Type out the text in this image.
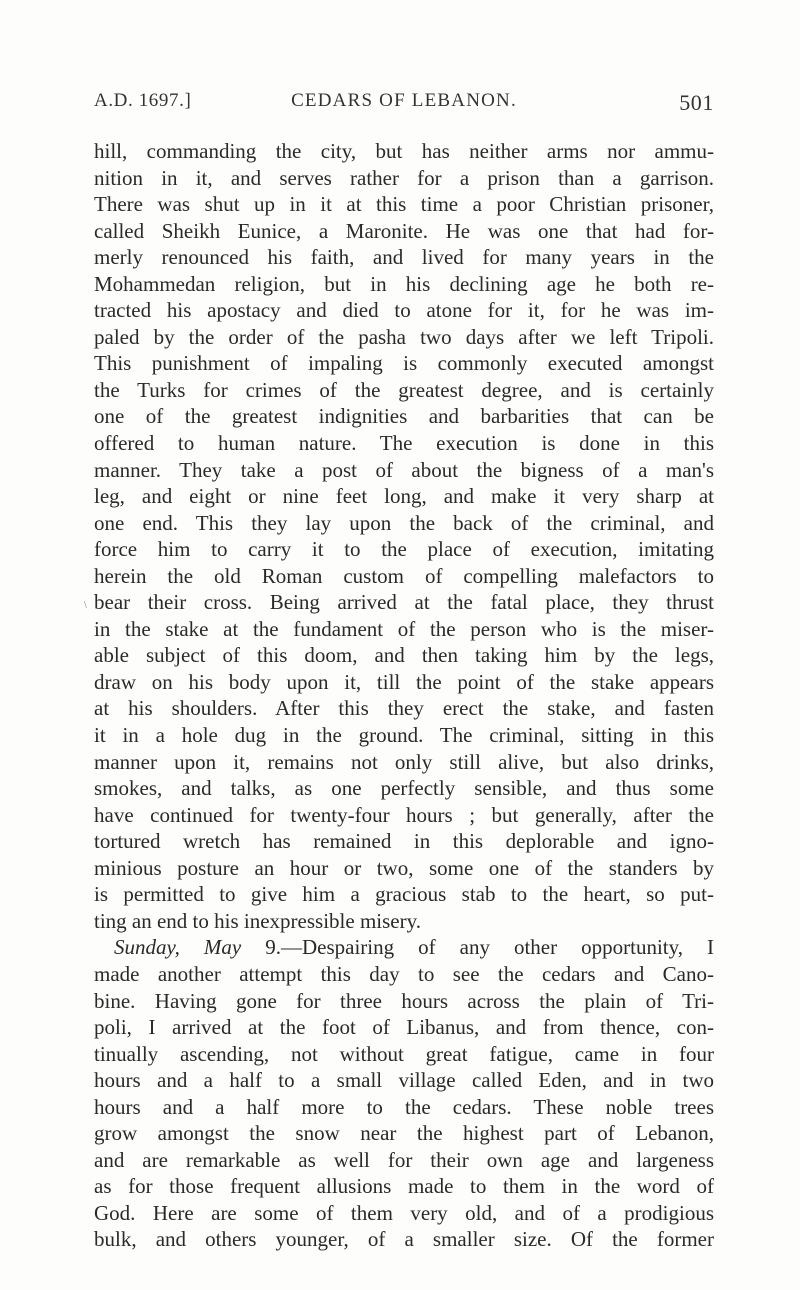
A.D. 1697.]	CEDARS OF LEBANON.	501
\
hill, commanding the city, but has neither arms nor ammu-
nition in it, and serves rather for a prison than a garrison.
There was shut up in it at this time a poor Christian prisoner,
called Sheikh Eunice, a Maronite. He was one that had for-
merly renounced his faith, and lived for many years in the
Mohammedan religion, but in his declining age he both re-
tracted his apostacy and died to atone for it, for he was im-
paled by the order of the pasha two days after we left Tripoli.
This punishment of impaling is commonly executed amongst
the Turks for crimes of the greatest degree, and is certainly
one of the greatest indignities and barbarities that can be
offered to human nature. The execution is done in this
manner. They take a post of about the bigness of a man's
leg, and eight or nine feet long, and make it very sharp at
one end. This they lay upon the back of the criminal, and
force him to carry it to the place of execution, imitating
herein the old Roman custom of compelling malefactors to
bear their cross. Being arrived at the fatal place, they thrust
in the stake at the fundament of the person who is the miser-
able subject of this doom, and then taking him by the legs,
draw on his body upon it, till the point of the stake appears
at his shoulders. After this they erect the stake, and fasten
it in a hole dug in the ground. The criminal, sitting in this
manner upon it, remains not only still alive, but also drinks,
smokes, and talks, as one perfectly sensible, and thus some
have continued for twenty-four hours ; but generally, after the
tortured wretch has remained in this deplorable and igno-
minious posture an hour or two, some one of the standers by
is permitted to give him a gracious stab to the heart, so put-
ting an end to his inexpressible misery.
Sunday, May 9.—Despairing of any other opportunity, I
made another attempt this day to see the cedars and Cano-
bine. Having gone for three hours across the plain of Tri-
poli, I arrived at the foot of Libanus, and from thence, con-
tinually ascending, not without great fatigue, came in four
hours and a half to a small village called Eden, and in two
hours and a half more to the cedars. These noble trees
grow amongst the snow near the highest part of Lebanon,
and are remarkable as well for their own age and largeness
as for those frequent allusions made to them in the word of
God. Here are some of them very old, and of a prodigious
bulk, and others younger, of a smaller size. Of the former
